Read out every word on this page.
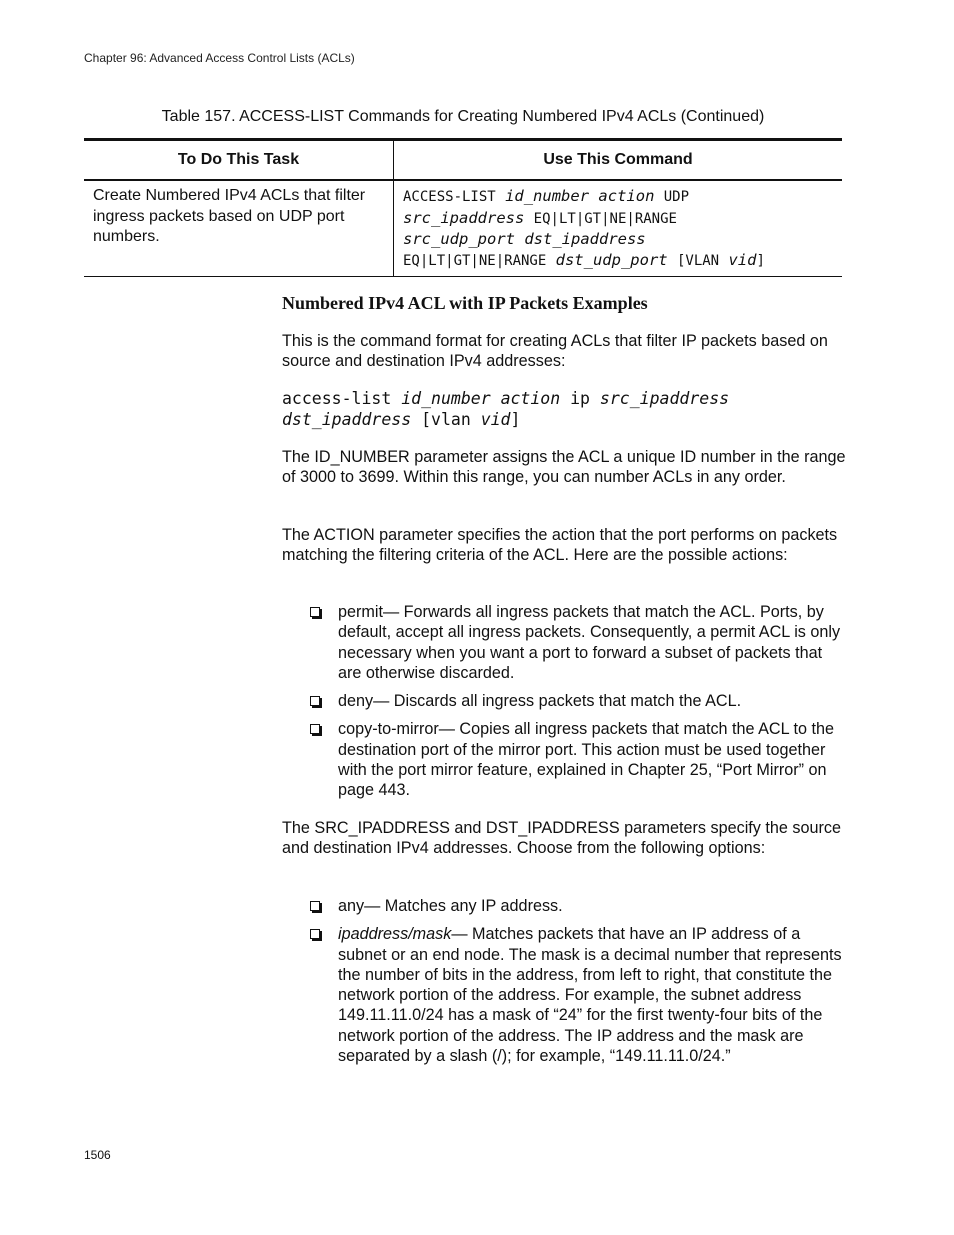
Chapter 96: Advanced Access Control Lists (ACLs)
Table 157. ACCESS-LIST Commands for Creating Numbered IPv4 ACLs (Continued)
To Do This Task	Use This Command
Create Numbered IPv4 ACLs that filter ingress packets based on UDP port numbers.	ACCESS-LIST id_number action UDP
src_ipaddress EQ|LT|GT|NE|RANGE
src_udp_port dst_ipaddress
EQ|LT|GT|NE|RANGE dst_udp_port [VLAN vid]
Numbered IPv4 ACL with IP Packets Examples

This is the command format for creating ACLs that filter IP packets based on source and destination IPv4 addresses:

access-list id_number action ip src_ipaddress
dst_ipaddress [vlan vid]

The ID_NUMBER parameter assigns the ACL a unique ID number in the range of 3000 to 3699. Within this range, you can number ACLs in any order.

The ACTION parameter specifies the action that the port performs on packets matching the filtering criteria of the ACL. Here are the possible actions:

permit— Forwards all ingress packets that match the ACL. Ports, by default, accept all ingress packets. Consequently, a permit ACL is only necessary when you want a port to forward a subset of packets that are otherwise discarded.
deny— Discards all ingress packets that match the ACL.
copy-to-mirror— Copies all ingress packets that match the ACL to the destination port of the mirror port. This action must be used together with the port mirror feature, explained in Chapter 25, “Port Mirror” on page 443.

The SRC_IPADDRESS and DST_IPADDRESS parameters specify the source and destination IPv4 addresses. Choose from the following options:

any— Matches any IP address.
ipaddress/mask— Matches packets that have an IP address of a subnet or an end node. The mask is a decimal number that represents the number of bits in the address, from left to right, that constitute the network portion of the address. For example, the subnet address 149.11.11.0/24 has a mask of “24” for the first twenty-four bits of the network portion of the address. The IP address and the mask are separated by a slash (/); for example, “149.11.11.0/24.”
1506
